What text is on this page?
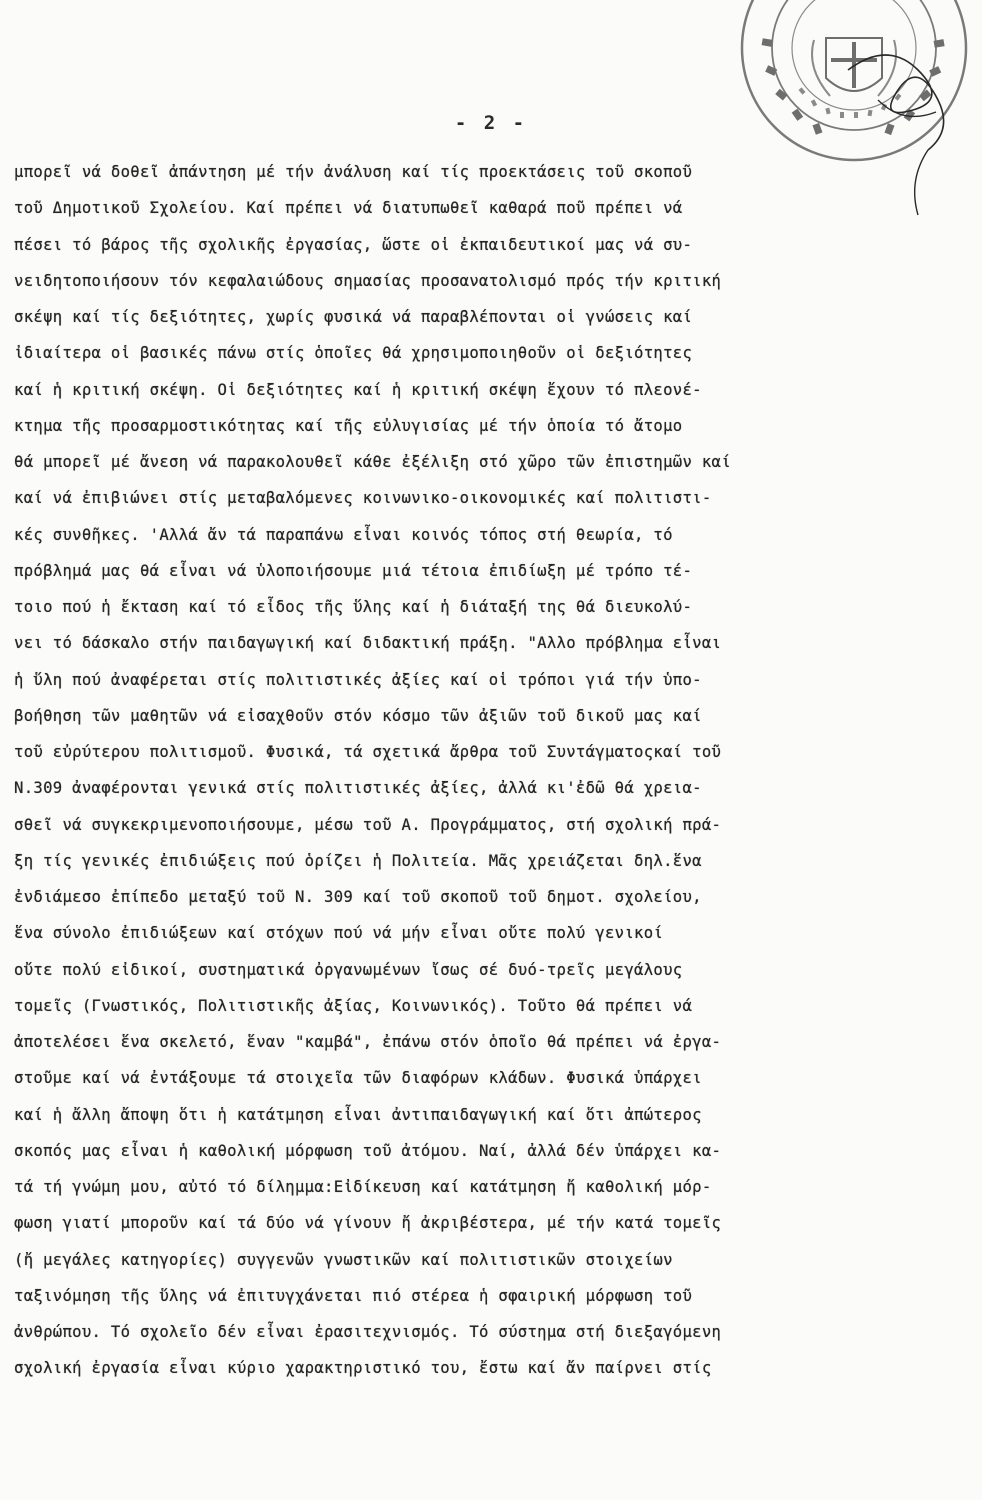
- 2 -
μπορεῖ νά δοθεῖ ἀπάντηση μέ τήν ἀνάλυση καί τίς προεκτάσεις τοῦ σκοποῦ
τοῦ Δημοτικοῦ Σχολείου. Καί πρέπει νά διατυπωθεῖ καθαρά ποῦ πρέπει νά
πέσει τό βάρος τῆς σχολικῆς ἐργασίας, ὥστε οἱ ἐκπαιδευτικοί μας νά συ-
νειδητοποιήσουν τόν κεφαλαιώδους σημασίας προσανατολισμό πρός τήν κριτική
σκέψη καί τίς δεξιότητες, χωρίς φυσικά νά παραβλέπονται οἱ γνώσεις καί
ἰδιαίτερα οἱ βασικές πάνω στίς ὁποῖες θά χρησιμοποιηθοῦν οἱ δεξιότητες
καί ἡ κριτική σκέψη. Οἱ δεξιότητες καί ἡ κριτική σκέψη ἔχουν τό πλεονέ-
κτημα τῆς προσαρμοστικότητας καί τῆς εὐλυγισίας μέ τήν ὁποία τό ἄτομο
θά μπορεῖ μέ ἄνεση νά παρακολουθεῖ κάθε ἐξέλιξη στό χῶρο τῶν ἐπιστημῶν καί
καί νά ἐπιβιώνει στίς μεταβαλόμενες κοινωνικο-οικονομικές καί πολιτιστι-
κές συνθῆκες. 'Αλλά ἄν τά παραπάνω εἶναι κοινός τόπος στή θεωρία, τό
πρόβλημά μας θά εἶναι νά ὑλοποιήσουμε μιά τέτοια ἐπιδίωξη μέ τρόπο τέ-
τοιο πού ἡ ἔκταση καί τό εἶδος τῆς ὕλης καί ἡ διάταξή της θά διευκολύ-
νει τό δάσκαλο στήν παιδαγωγική καί διδακτική πράξη. "Αλλο πρόβλημα εἶναι
ἡ ὕλη πού ἀναφέρεται στίς πολιτιστικές ἀξίες καί οἱ τρόποι γιά τήν ὑπο-
βοήθηση τῶν μαθητῶν νά εἰσαχθοῦν στόν κόσμο τῶν ἀξιῶν τοῦ δικοῦ μας καί
τοῦ εὐρύτερου πολιτισμοῦ. Φυσικά, τά σχετικά ἄρθρα τοῦ Συντάγματοςκαί τοῦ
Ν.309 ἀναφέρονται γενικά στίς πολιτιστικές ἀξίες, ἀλλά κι'ἐδῶ θά χρεια-
σθεῖ νά συγκεκριμενοποιήσουμε, μέσω τοῦ Α. Προγράμματος, στή σχολική πρά-
ξη τίς γενικές ἐπιδιώξεις πού ὁρίζει ἡ Πολιτεία. Μᾶς χρειάζεται δηλ.ἕνα
ἐνδιάμεσο ἐπίπεδο μεταξύ τοῦ Ν. 309 καί τοῦ σκοποῦ τοῦ δημοτ. σχολείου,
ἕνα σύνολο ἐπιδιώξεων καί στόχων πού νά μήν εἶναι οὔτε πολύ γενικοί
οὔτε πολύ εἰδικοί, συστηματικά ὀργανωμένων ἴσως σέ δυό-τρεῖς μεγάλους
τομεῖς (Γνωστικός, Πολιτιστικῆς ἀξίας, Κοινωνικός). Τοῦτο θά πρέπει νά
ἀποτελέσει ἕνα σκελετό, ἕναν "καμβά", ἐπάνω στόν ὁποῖο θά πρέπει νά ἐργα-
στοῦμε καί νά ἐντάξουμε τά στοιχεῖα τῶν διαφόρων κλάδων. Φυσικά ὑπάρχει
καί ἡ ἄλλη ἄποψη ὅτι ἡ κατάτμηση εἶναι ἀντιπαιδαγωγική καί ὅτι ἀπώτερος
σκοπός μας εἶναι ἡ καθολική μόρφωση τοῦ ἀτόμου. Ναί, ἀλλά δέν ὑπάρχει κα-
τά τή γνώμη μου, αὐτό τό δίλημμα:Εἰδίκευση καί κατάτμηση ἤ καθολική μόρ-
φωση γιατί μποροῦν καί τά δύο νά γίνουν ἤ ἀκριβέστερα, μέ τήν κατά τομεῖς
(ἤ μεγάλες κατηγορίες) συγγενῶν γνωστικῶν καί πολιτιστικῶν στοιχείων
ταξινόμηση τῆς ὕλης νά ἐπιτυγχάνεται πιό στέρεα ἡ σφαιρική μόρφωση τοῦ
ἀνθρώπου. Τό σχολεῖο δέν εἶναι ἐρασιτεχνισμός. Τό σύστημα στή διεξαγόμενη
σχολική ἐργασία εἶναι κύριο χαρακτηριστικό του, ἔστω καί ἄν παίρνει στίς
